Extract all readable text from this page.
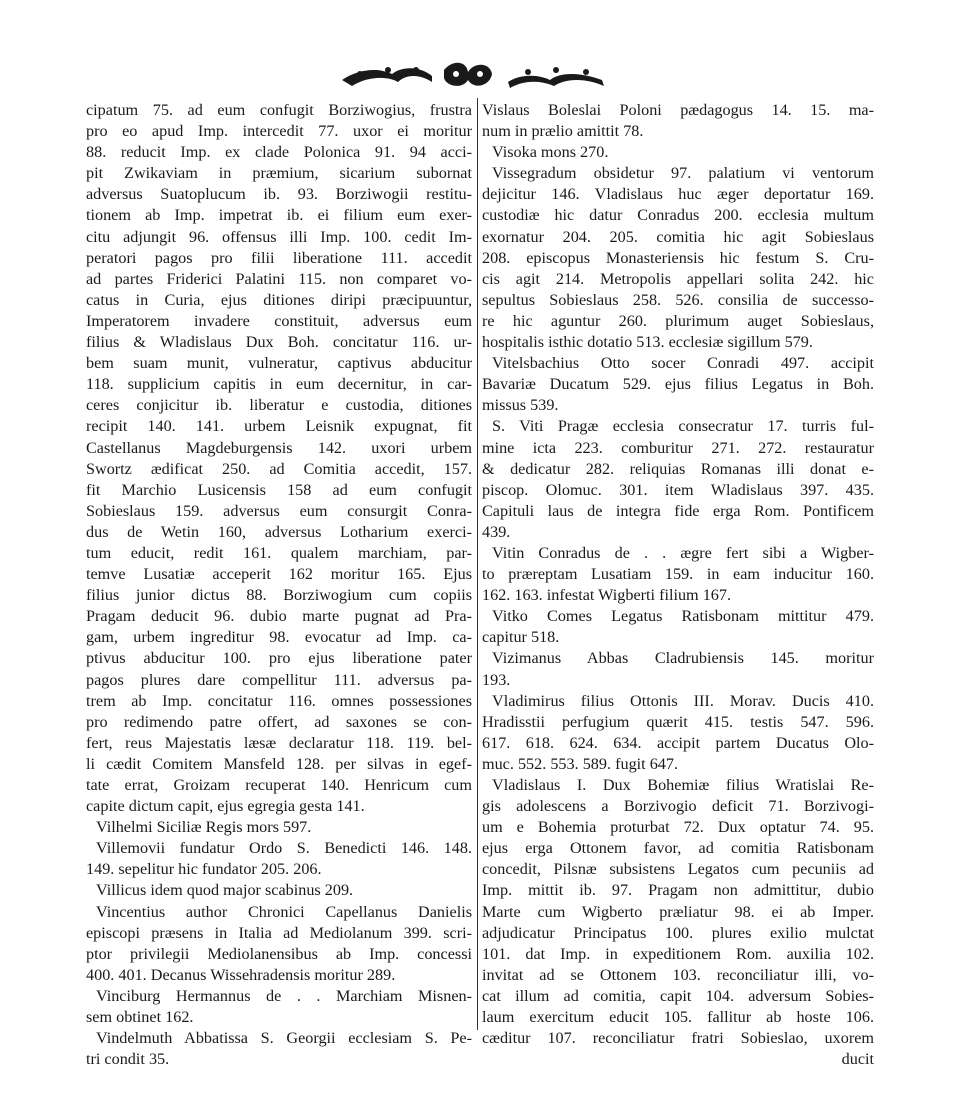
cipatum 75. ad eum confugit Borziwogius, frustra
pro eo apud Imp. intercedit 77. uxor ei moritur
88. reducit Imp. ex clade Polonica 91. 94 acci-
pit Zwikaviam in præmium, sicarium subornat
adversus Suatoplucum ib. 93. Borziwogii restitu-
tionem ab Imp. impetrat ib. ei filium eum exer-
citu adjungit 96. offensus illi Imp. 100. cedit Im-
peratori pagos pro filii liberatione 111. accedit
ad partes Friderici Palatini 115. non comparet vo-
catus in Curia, ejus ditiones diripi præcipuuntur,
Imperatorem invadere constituit, adversus eum
filius & Wladislaus Dux Boh. concitatur 116. ur-
bem suam munit, vulneratur, captivus abducitur
118. supplicium capitis in eum decernitur, in car-
ceres conjicitur ib. liberatur e custodia, ditiones
recipit 140. 141. urbem Leisnik expugnat, fit
Castellanus Magdeburgensis 142. uxori urbem
Swortz ædificat 250. ad Comitia accedit, 157.
fit Marchio Lusicensis 158 ad eum confugit
Sobieslaus 159. adversus eum consurgit Conra-
dus de Wetin 160, adversus Lotharium exerci-
tum educit, redit 161. qualem marchiam, par-
temve Lusatiæ acceperit 162 moritur 165. Ejus
filius junior dictus 88. Borziwogium cum copiis
Pragam deducit 96. dubio marte pugnat ad Pra-
gam, urbem ingreditur 98. evocatur ad Imp. ca-
ptivus abducitur 100. pro ejus liberatione pater
pagos plures dare compellitur 111. adversus pa-
trem ab Imp. concitatur 116. omnes possessiones
pro redimendo patre offert, ad saxones se con-
fert, reus Majestatis læsæ declaratur 118. 119. bel-
li cædit Comitem Mansfeld 128. per silvas in egef-
tate errat, Groizam recuperat 140. Henricum cum
capite dictum capit, ejus egregia gesta 141.
Vilhelmi Siciliæ Regis mors 597.
Villemovii fundatur Ordo S. Benedicti 146. 148.
149. sepelitur hic fundator 205. 206.
Villicus idem quod major scabinus 209.
Vincentius author Chronici Capellanus Danielis
episcopi præsens in Italia ad Mediolanum 399. scri-
ptor privilegii Mediolanensibus ab Imp. concessi
400. 401. Decanus Wissehradensis moritur 289.
Vinciburg Hermannus de . . Marchiam Misnen-
sem obtinet 162.
Vindelmuth Abbatissa S. Georgii ecclesiam S. Pe-
tri condit 35.
Vislaus Boleslai Poloni pædagogus 14. 15. ma-
num in prælio amittit 78.
Visoka mons 270.
Vissegradum obsidetur 97. palatium vi ventorum
dejicitur 146. Vladislaus huc æger deportatur 169.
custodiæ hic datur Conradus 200. ecclesia multum
exornatur 204. 205. comitia hic agit Sobieslaus
208. episcopus Monasteriensis hic festum S. Cru-
cis agit 214. Metropolis appellari solita 242. hic
sepultus Sobieslaus 258. 526. consilia de successo-
re hic aguntur 260. plurimum auget Sobieslaus,
hospitalis isthic dotatio 513. ecclesiæ sigillum 579.
Vitelsbachius Otto socer Conradi 497. accipit
Bavariæ Ducatum 529. ejus filius Legatus in Boh.
missus 539.
S. Viti Pragæ ecclesia consecratur 17. turris ful-
mine icta 223. comburitur 271. 272. restauratur
& dedicatur 282. reliquias Romanas illi donat e-
piscop. Olomuc. 301. item Wladislaus 397. 435.
Capituli laus de integra fide erga Rom. Pontificem
439.
Vitin Conradus de . . ægre fert sibi a Wigber-
to præreptam Lusatiam 159. in eam inducitur 160.
162. 163. infestat Wigberti filium 167.
Vitko Comes Legatus Ratisbonam mittitur 479.
capitur 518.
Vizimanus Abbas Cladrubiensis 145. moritur
193.
Vladimirus filius Ottonis III. Morav. Ducis 410.
Hradisstii perfugium quærit 415. testis 547. 596.
617. 618. 624. 634. accipit partem Ducatus Olo-
muc. 552. 553. 589. fugit 647.
Vladislaus I. Dux Bohemiæ filius Wratislai Re-
gis adolescens a Borzivogio deficit 71. Borzivogi-
um e Bohemia proturbat 72. Dux optatur 74. 95.
ejus erga Ottonem favor, ad comitia Ratisbonam
concedit, Pilsnæ subsistens Legatos cum pecuniis ad
Imp. mittit ib. 97. Pragam non admittitur, dubio
Marte cum Wigberto præliatur 98. ei ab Imper.
adjudicatur Principatus 100. plures exilio mulctat
101. dat Imp. in expeditionem Rom. auxilia 102.
invitat ad se Ottonem 103. reconciliatur illi, vo-
cat illum ad comitia, capit 104. adversum Sobies-
laum exercitum educit 105. fallitur ab hoste 106.
cæditur 107. reconciliatur fratri Sobieslao, uxorem
ducit
